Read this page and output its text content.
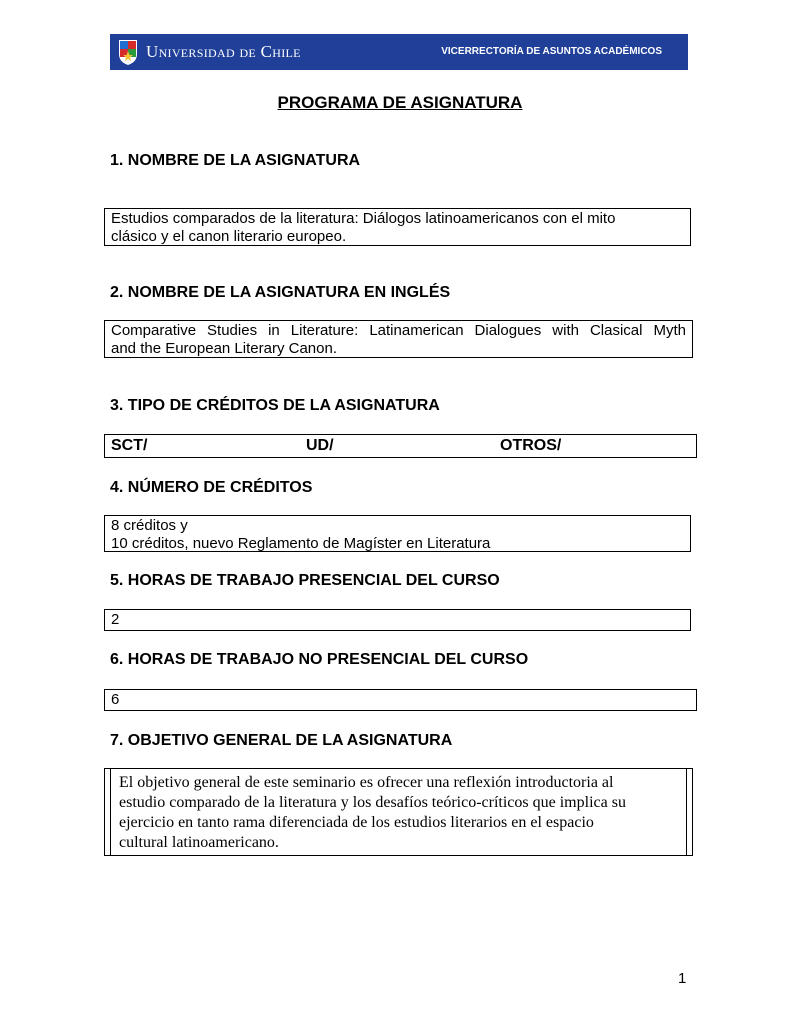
Universidad de Chile	VICERRECTORÍA DE ASUNTOS ACADÉMICOS
PROGRAMA DE ASIGNATURA
1. NOMBRE DE LA ASIGNATURA
Estudios comparados de la literatura: Diálogos latinoamericanos con el mito
clásico y el canon literario europeo.
2. NOMBRE DE LA ASIGNATURA EN INGLÉS
Comparative Studies in Literature: Latinamerican Dialogues with Clasical Myth
and the European Literary Canon.
3. TIPO DE CRÉDITOS DE LA ASIGNATURA
SCT/	UD/	OTROS/
4. NÚMERO DE CRÉDITOS
8 créditos y
10 créditos, nuevo Reglamento de Magíster en Literatura
5. HORAS DE TRABAJO PRESENCIAL DEL CURSO
2
6. HORAS DE TRABAJO NO PRESENCIAL DEL CURSO
6
7. OBJETIVO GENERAL DE LA ASIGNATURA
El objetivo general de este seminario es ofrecer una reflexión introductoria al
estudio comparado de la literatura y los desafíos teórico-críticos que implica su
ejercicio en tanto rama diferenciada de los estudios literarios en el espacio
cultural latinoamericano.
1
